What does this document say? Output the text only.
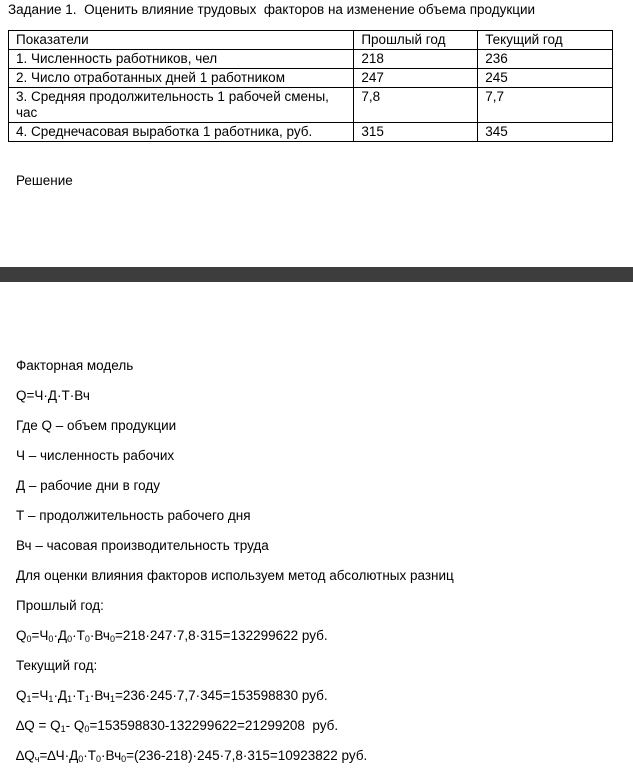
Задание 1.  Оценить влияние трудовых  факторов на изменение объема продукции
Показатели	Прошлый год	Текущий год
1. Численность работников, чел	218	236
2. Число отработанных дней 1 работником	247	245
3. Средняя продолжительность 1 рабочей смены, час	7,8	7,7
4. Среднечасовая выработка 1 работника, руб.	315	345
Решение
Факторная модель
Q=Ч·Д·Т·Вч
Где Q – объем продукции
Ч – численность рабочих
Д – рабочие дни в году
Т – продолжительность рабочего дня
Вч – часовая производительность труда
Для оценки влияния факторов используем метод абсолютных разниц
Прошлый год:
$Q_0=Ч_0\cdot Д_0\cdot Т_0\cdot Вч_0=218\cdot 247\cdot 7,8\cdot 315=132299622$ руб.
Текущий год:
$Q_1=Ч_1\cdot Д_1\cdot Т_1\cdot Вч_1=236\cdot 245\cdot 7,7\cdot 345=153598830$ руб.
$\Delta Q = Q_1-$ $Q_0=153598830-132299622=21299208$  руб.
$\Delta Q_ч=\Delta Ч\cdot Д_0\cdot Т_0\cdot Вч_0=(236-218)\cdot 245\cdot 7,8\cdot 315=10923822$ руб.
